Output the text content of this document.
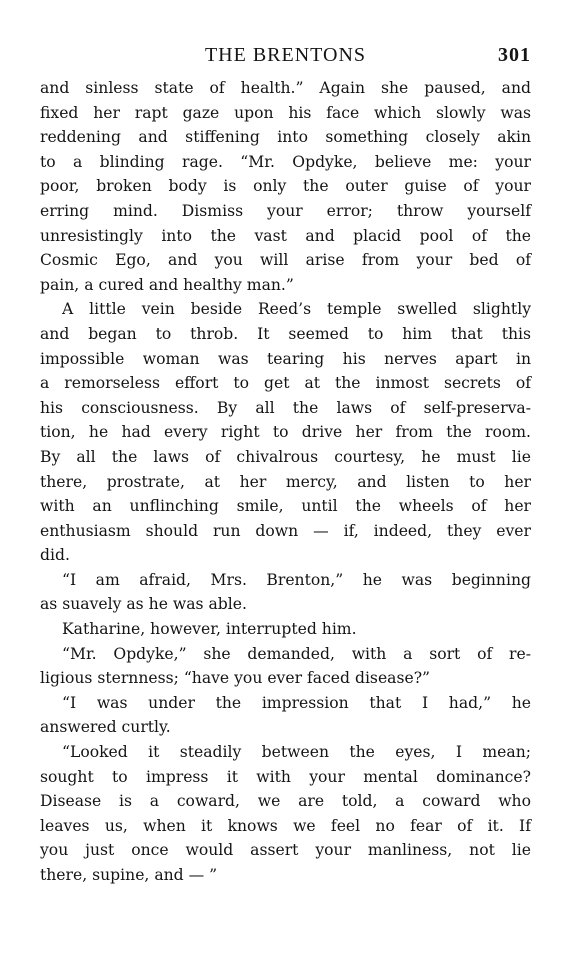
THE BRENTONS	301
and sinless state of health.” Again she paused, and
fixed her rapt gaze upon his face which slowly was
reddening and stiffening into something closely akin
to a blinding rage. “Mr. Opdyke, believe me: your
poor, broken body is only the outer guise of your
erring mind. Dismiss your error; throw yourself
unresistingly into the vast and placid pool of the
Cosmic Ego, and you will arise from your bed of
pain, a cured and healthy man.”
A little vein beside Reed’s temple swelled slightly
and began to throb. It seemed to him that this
impossible woman was tearing his nerves apart in
a remorseless effort to get at the inmost secrets of
his consciousness. By all the laws of self-preserva-
tion, he had every right to drive her from the room.
By all the laws of chivalrous courtesy, he must lie
there, prostrate, at her mercy, and listen to her
with an unflinching smile, until the wheels of her
enthusiasm should run down — if, indeed, they ever
did.
“I am afraid, Mrs. Brenton,” he was beginning
as suavely as he was able.
Katharine, however, interrupted him.
“Mr. Opdyke,” she demanded, with a sort of re-
ligious sternness; “have you ever faced disease?”
“I was under the impression that I had,” he
answered curtly.
“Looked it steadily between the eyes, I mean;
sought to impress it with your mental dominance?
Disease is a coward, we are told, a coward who
leaves us, when it knows we feel no fear of it. If
you just once would assert your manliness, not lie
there, supine, and — ”
